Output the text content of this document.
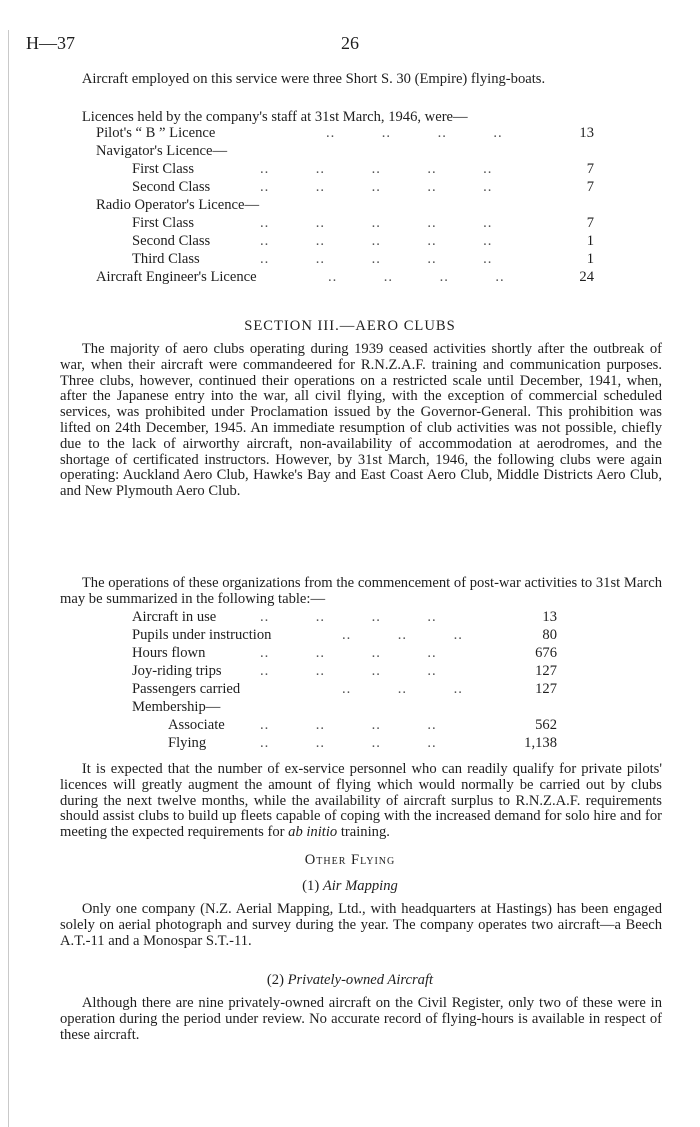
H—37	26

Aircraft employed on this service were three Short S. 30 (Empire) flying-boats.

Licences held by the company's staff at 31st March, 1946, were—
Pilot's “ B ” Licence	..          ..          ..          ..	13
Navigator's Licence—
First Class	..          ..          ..          ..          ..	7
Second Class	..          ..          ..          ..          ..	7
Radio Operator's Licence—
First Class	..          ..          ..          ..          ..	7
Second Class	..          ..          ..          ..          ..	1
Third Class	..          ..          ..          ..          ..	1
Aircraft Engineer's Licence	..          ..          ..          ..	24
SECTION III.—AERO CLUBS

The majority of aero clubs operating during 1939 ceased activities shortly after the outbreak of war, when their aircraft were commandeered for R.N.Z.A.F. training and communication purposes. Three clubs, however, continued their operations on a restricted scale until December, 1941, when, after the Japanese entry into the war, all civil flying, with the exception of commercial scheduled services, was prohibited under Proclamation issued by the Governor-General. This prohibition was lifted on 24th December, 1945. An immediate resumption of club activities was not possible, chiefly due to the lack of airworthy aircraft, non-availability of accommodation at aerodromes, and the shortage of certificated instructors. However, by 31st March, 1946, the following clubs were again operating: Auckland Aero Club, Hawke's Bay and East Coast Aero Club, Middle Districts Aero Club, and New Plymouth Aero Club.

The operations of these organizations from the commencement of post-war activities to 31st March may be summarized in the following table:—

Aircraft in use	..          ..          ..          ..	13
Pupils under instruction	..          ..          ..	80
Hours flown	..          ..          ..          ..	676
Joy-riding trips	..          ..          ..          ..	127
Passengers carried	..          ..          ..	127
Membership—
Associate ..          ..          ..          ..	562
Flying	..          ..          ..          ..	1,138

It is expected that the number of ex-service personnel who can readily qualify for private pilots' licences will greatly augment the amount of flying which would normally be carried out by clubs during the next twelve months, while the availability of aircraft surplus to R.N.Z.A.F. requirements should assist clubs to build up fleets capable of coping with the increased demand for solo hire and for meeting the expected requirements for ab initio training.

Other Flying
(1) Air Mapping

Only one company (N.Z. Aerial Mapping, Ltd., with headquarters at Hastings) has been engaged solely on aerial photograph and survey during the year. The company operates two aircraft—a Beech A.T.-11 and a Monospar S.T.-11.

(2) Privately-owned Aircraft

Although there are nine privately-owned aircraft on the Civil Register, only two of these were in operation during the period under review. No accurate record of flying-hours is available in respect of these aircraft.
